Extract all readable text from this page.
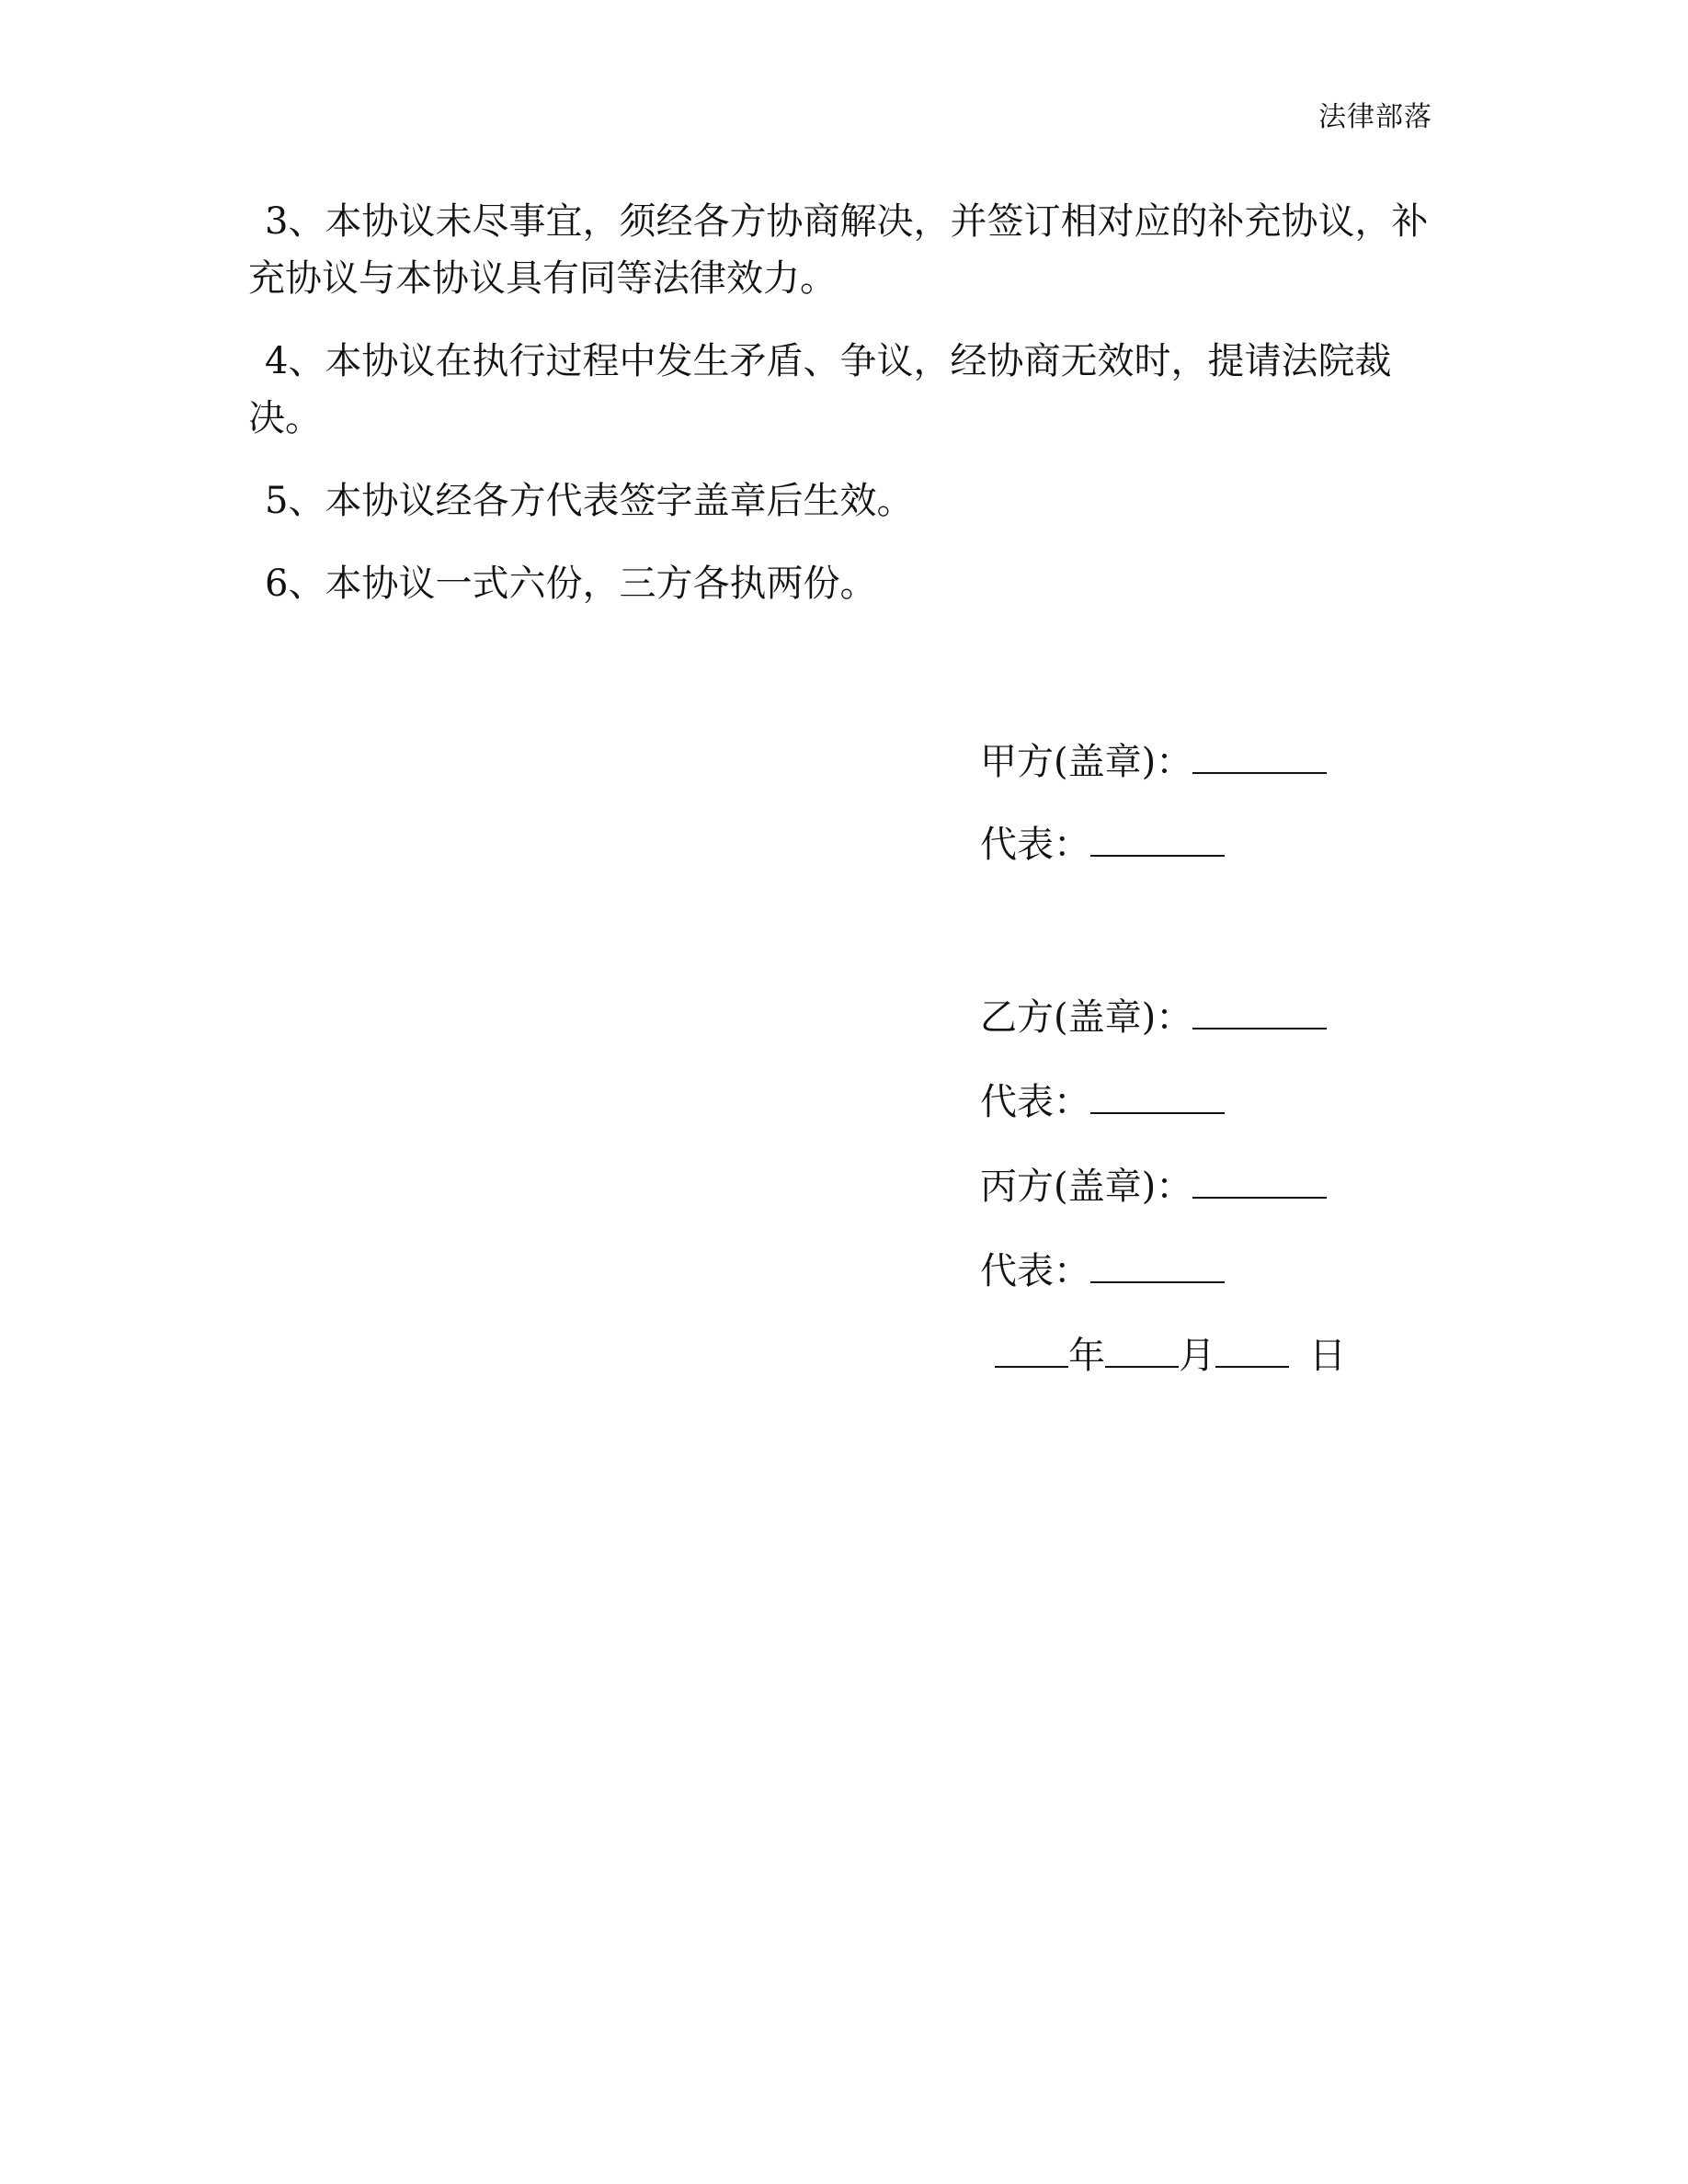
法律部落

3、本协议未尽事宜，须经各方协商解决，并签订相对应的补充协议，补充协议与本协议具有同等法律效力。

4、本协议在执行过程中发生矛盾、争议，经协商无效时，提请法院裁决。

5、本协议经各方代表签字盖章后生效。

6、本协议一式六份，三方各执两份。

甲方(盖章)：
代表：
乙方(盖章)：
代表：
丙方(盖章)：
代表：
年 月	日
